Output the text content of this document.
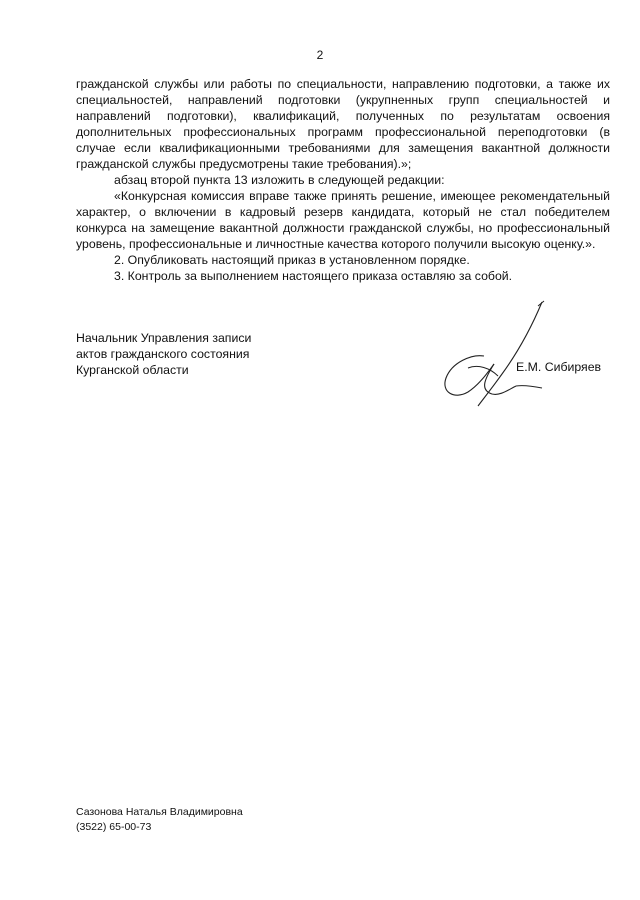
2

гражданской службы или работы по специальности, направлению подготовки, а также их специальностей, направлений подготовки (укрупненных групп специальностей и направлений подготовки), квалификаций, полученных по результатам освоения дополнительных профессиональных программ профессиональной переподготовки (в случае если квалификационными требованиями для замещения вакантной должности гражданской службы предусмотрены такие требования).»;

абзац второй пункта 13 изложить в следующей редакции:

«Конкурсная комиссия вправе также принять решение, имеющее рекомендательный характер, о включении в кадровый резерв кандидата, который не стал победителем конкурса на замещение вакантной должности гражданской службы, но профессиональный уровень, профессиональные и личностные качества которого получили высокую оценку.».

2. Опубликовать настоящий приказ в установленном порядке.

3. Контроль за выполнением настоящего приказа оставляю за собой.

Начальник Управления записи
актов гражданского состояния
Курганской области	Е.М. Сибиряев
Сазонова Наталья Владимировна
(3522) 65-00-73
